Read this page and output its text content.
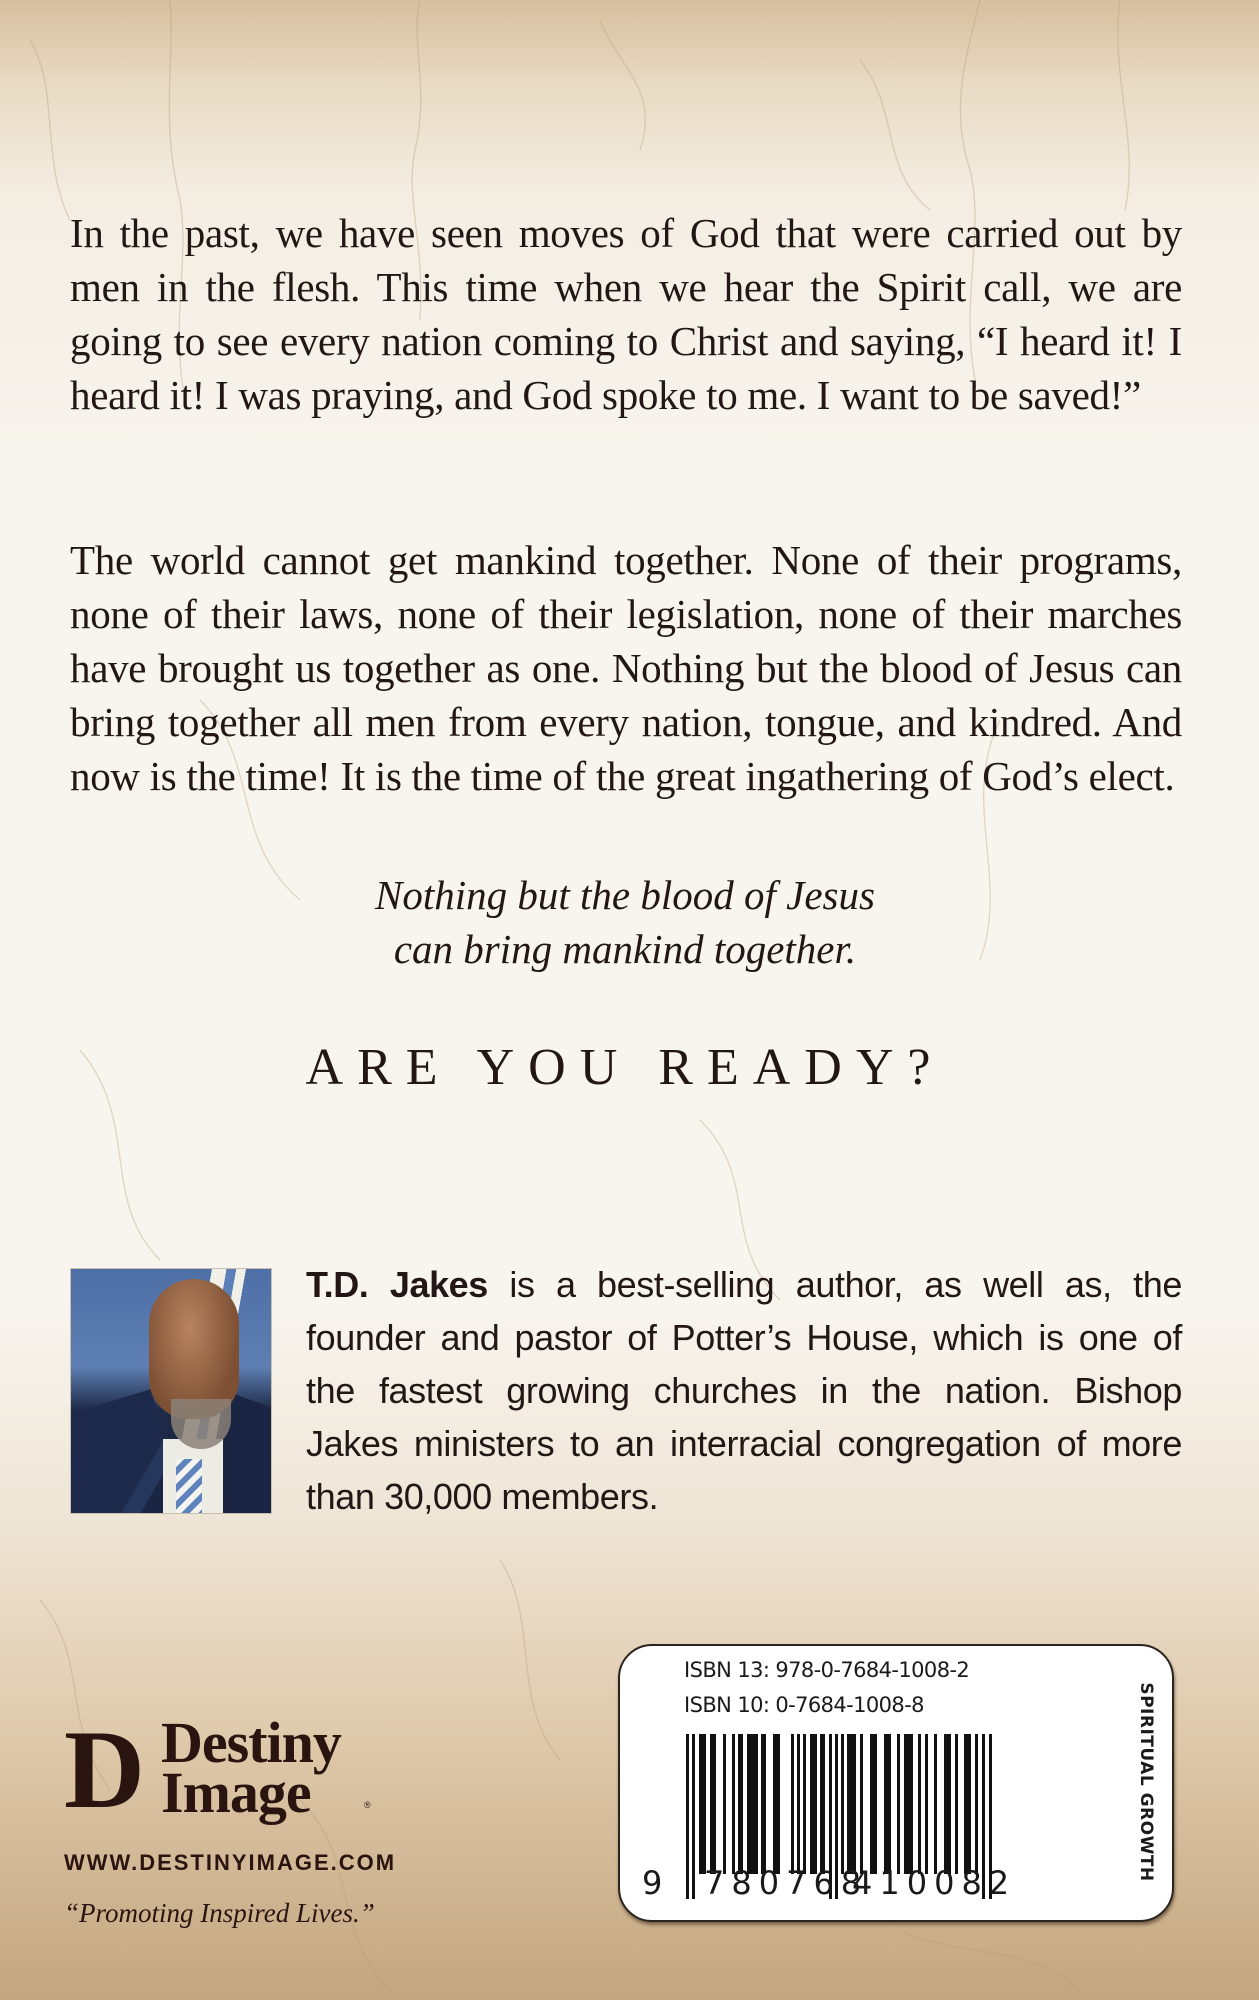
In the past, we have seen moves of God that were carried out by men in the flesh. This time when we hear the Spirit call, we are going to see every nation coming to Christ and saying, “I heard it! I heard it! I was praying, and God spoke to me. I want to be saved!”

The world cannot get mankind together. None of their programs, none of their laws, none of their legislation, none of their marches have brought us together as one. Nothing but the blood of Jesus can bring together all men from every nation, tongue, and kindred. And now is the time! It is the time of the great ingathering of God’s elect.

Nothing but the blood of Jesus
can bring mankind together.
ARE YOU READY?
T.D. Jakes is a best-selling author, as well as, the founder and pastor of Potter’s House, which is one of the fastest growing churches in the nation. Bishop Jakes ministers to an interracial congregation of more than 30,000 members.
D Destiny
Image	®
WWW.DESTINYIMAGE.COM
“Promoting Inspired Lives.”
ISBN 13: 978-0-7684-1008-2
ISBN 10: 0-7684-1008-8
9 780768
410082
SPIRITUAL GROWTH
